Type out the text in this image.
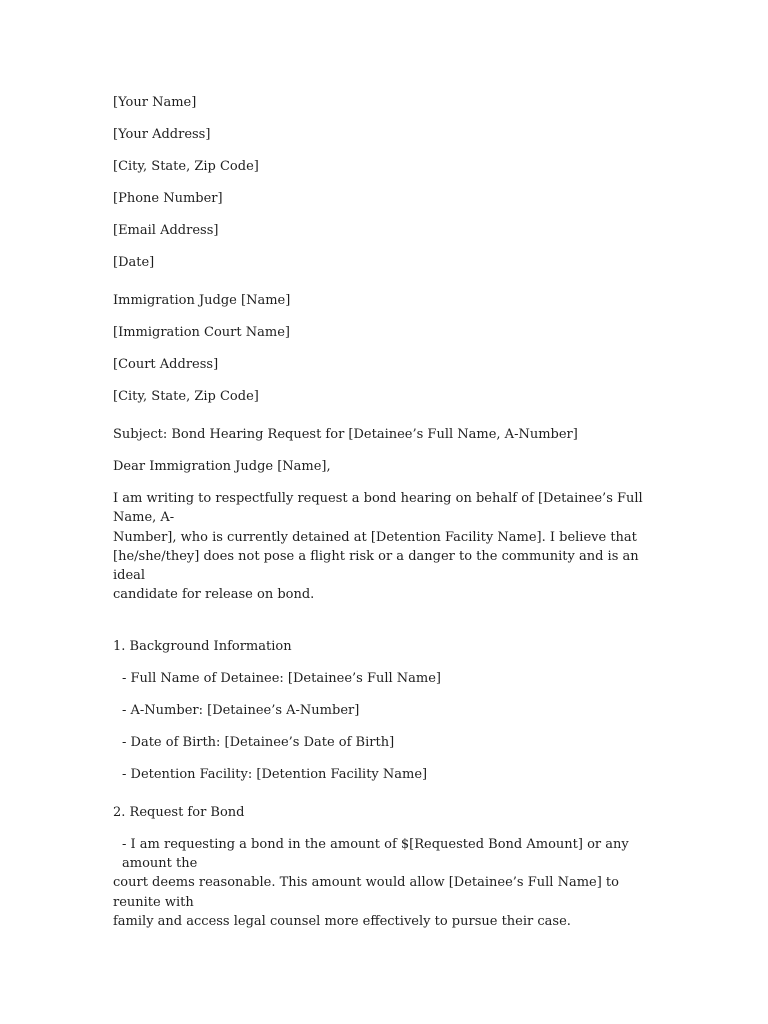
[Your Name]

[Your Address]

[City, State, Zip Code]

[Phone Number]

[Email Address]

[Date]

Immigration Judge [Name]

[Immigration Court Name]

[Court Address]

[City, State, Zip Code]

Subject: Bond Hearing Request for [Detainee’s Full Name, A-Number]

Dear Immigration Judge [Name],

I am writing to respectfully request a bond hearing on behalf of [Detainee’s Full Name, A-
Number], who is currently detained at [Detention Facility Name]. I believe that
[he/she/they] does not pose a flight risk or a danger to the community and is an ideal
candidate for release on bond.

1. Background Information

- Full Name of Detainee: [Detainee’s Full Name]

- A-Number: [Detainee’s A-Number]

- Date of Birth: [Detainee’s Date of Birth]

- Detention Facility: [Detention Facility Name]

2. Request for Bond

- I am requesting a bond in the amount of $[Requested Bond Amount] or any amount the
court deems reasonable. This amount would allow [Detainee’s Full Name] to reunite with
family and access legal counsel more effectively to pursue their case.
